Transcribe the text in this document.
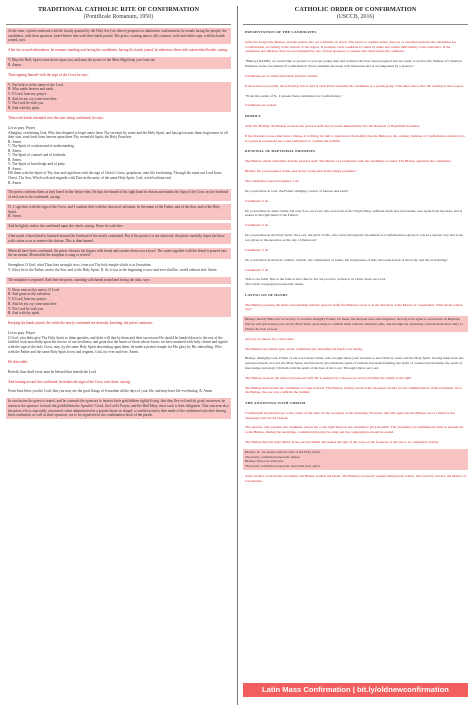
TRADITIONAL CATHOLIC RITE OF CONFIRMATION
(Pontificale Romanum, 1950)
At the time, a priest endowed with the faculty granted by the Holy See (see above) proposes to administer confirmation, he stands facing the people; the candidates, with their sponsors, kneel before him with their hands joined. The priest, wearing amice, alb, cincture, stole and white cope, with his hands joined, says:
After the second admonition, he remains standing and facing the candidates; having his hands joined, he addresses them with outstretched hands, saying:
V. May the Holy Spirit come down upon you, and may the power of the Most High keep you from sin.
R. Amen.
Then signing himself with the sign of the Cross he says:
V. Our help is in the name of the Lord.
R. Who made heaven and earth.
V. O Lord, hear my prayer.
R. And let my cry come unto thee.
V. The Lord be with you.
R. And with thy spirit.
Then with hands extended over the ones being confirmed, he says:
Let us pray. Prayer
Almighty, everlasting God, Who hast deigned to beget anew these Thy servants by water and the Holy Spirit, and hast given unto them forgiveness of all their sins, send forth from heaven upon them Thy sevenfold Spirit, the Holy Paraclete.
R. Amen.
V. The Spirit of wisdom and of understanding.
R. Amen.
V. The Spirit of counsel and of fortitude.
R. Amen.
V. The Spirit of knowledge and of piety.
R. Amen.
Fill them with the Spirit of Thy fear and sign them with the sign of Christ's Cross, propitious, unto life everlasting. Through the same our Lord Jesus Christ, Thy Son, Who liveth and reigneth with Thee in the unity of the same Holy Spirit, God, world without end.
R. Amen.
The priest confirms them as they kneel in line before him. He dips the thumb of his right hand in chrism and makes the Sign of the Cross on the forehead of each one to be confirmed, saying:
N., I sign thee with the sign of the Cross, and I confirm thee with the chrism of salvation. In the name of the Father, and of the Son, and of the Holy Spirit.
R. Amen.
And he lightly strikes the confirmed upon the cheek, saying: Peace be with thee.
Afterwards a linen band is fastened around the forehead of the newly confirmed. But if the practice is not observed, the priest carefully wipes the brow with cotton so as to remove the chrism. This is then burned.
When all have been confirmed, the priest cleanses his fingers with bread and washes them over a bowl. The water together with the bread is poured into the sacrarium. Meanwhile the antiphon is sung or recited:
Strengthen, O God, what Thou hast wrought in us, from out Thy holy temple which is in Jerusalem.
V. Glory be to the Father, and to the Son, and to the Holy Spirit. R. As it was in the beginning is now and ever shall be, world without end. Amen.
The antiphon is repeated. And then the priest, standing with hands joined and facing the altar, says:
V. Show unto us thy mercy, O Lord.
R. And grant us thy salvation.
V. O Lord, hear my prayer.
R. And let my cry come unto thee.
V. The Lord be with you.
R. And with thy spirit.
Keeping his hands joined, the while the newly confirmed are devoutly kneeling, the priest continues:
Let us pray. Prayer
O God, who didst give Thy Holy Spirit to thine apostles, and didst will that by them and their successors He should be handed down to the rest of the faithful, look mercifully upon the service of our lowliness; and grant that the hearts of those whose brows we have anointed with holy chrism and signed with the sign of the holy Cross, may, by the same Holy Spirit descending upon them, be made a perfect temple for His glory by His indwelling. Who with the Father and the same Holy Spirit livest and reignest, God, for ever and ever. Amen.
He then adds:
Behold, thus shall every man be blessed that feareth the Lord.
And turning toward the confirmed, he makes the sign of the Cross over them, saying:
From Sion bless you the Lord, that you may see the good things of Jerusalem all the days of your life, and may have life everlasting. R. Amen.
In conclusion the priest is seated, and he counsels the sponsors to instruct their godchildren rightly living, that they flee evil and do good; moreover, he instructs the sponsors to teach the godchildren the Apostles' Creed, the Lord's Prayer, and the Hail Mary, since such is their obligation. This concerns also the priest who is especially concerned, when administered in a private house or chapel; a careful record is then made of the confirmed who after having been confirmed, as well as their sponsors, are to be registered in the confirmation book of the parish.
CATHOLIC ORDER OF CONFIRMATION
(USCCB, 2016)
PRESENTATION OF THE CANDIDATES
After the Gospel the Bishop, and the priests who are with him, sit down. The pastor or another priest, deacon, or catechist presents the candidates for Confirmation, according to the custom of the region. If possible, each candidate is called by name and comes individually to the sanctuary. If the candidates are children, they are accompanied by one of their sponsors or parents and stand before the celebrant.
"Bishop [NAME], we would like to present to you our young men and women who have been prepared and are ready to receive the fullness of Christian Initiation in the Sacrament of Confirmation. Each candidate has been well instructed and is accompanied by a sponsor."
Candidates are to stand when their parish is named.
If more than one parish, the following text is said at each Pastor presents his candidates as a parish group. This takes place after the reading of the Gospel.
"From the parish of N., I present these candidates for Confirmation."
Candidates are seated.
HOMILY
After the Homily, the Bishop receives the pastoral staff and proceeds immediately into the Renewal of Baptismal Promises.
If the Presider is one other than a bishop, it is fitting for him to mention in the homily that the Bishop is the ordinary minister of Confirmation and that it is for pastoral reasons he has come with Priest to confirm the faithful.
RENEWAL OF BAPTISMAL PROMISES
The Bishop stands with mitre and the pastoral staff. The Master of Ceremonies asks the candidates to stand. The Bishop questions the candidates:
Bishop: Do you renounce Satan, and all his works and all his empty promises?
The candidates respond together: I do.
Do you believe in God, the Father almighty, creator of heaven and earth?
Candidates: I do.
Do you believe in Jesus Christ, his only Son, our Lord, who was born of the Virgin Mary, suffered death and was buried, rose again from the dead, and is seated at the right hand of the Father?
Candidates: I do.
Do you believe in the Holy Spirit, the Lord, the giver of life, who today through the Sacrament of Confirmation is given to you in a special way just as he was given to the Apostles on the day of Pentecost?
Candidates: I do.
Do you believe in the holy catholic Church, the communion of saints, the forgiveness of sins, the resurrection of the body, and life everlasting?
Candidates: I do.
This is our faith. This is the faith of the Church. We are proud to profess it in Christ Jesus our Lord.
The whole congregation responds: Amen.
LAYING ON OF HANDS
The Bishop (wearing the mitre and standing with the pastoral staff) the Bishop's stood to at the direction of the Master of Ceremonies. With hands joined, says:
Bishop: Dearly Beloved: let us pray to God the almighty Father, for these, his adopted sons and daughters, already born again to eternal life in Baptism, that he will graciously pour out the Holy Spirit upon them to confirm them with his abundant gifts, and through his anointing conform them more fully to Christ, the Son of God.
All pray in silence for a short time.
The Bishop lays hands upon all the candidates (by extending his hands over them).
Bishop: Almighty God, Father of our Lord Jesus Christ, who brought these your servants to new birth by water and the Holy Spirit, freeing them from sin: send upon them, O Lord, the Holy Spirit, the Paraclete; give them the spirit of wisdom and understanding, the spirit of counsel and fortitude, the spirit of knowledge and piety; fill them with the spirit of the fear of the Lord. Through Christ our Lord.
The Bishop receives the mitre and pastoral staff. He is assisted by a deacon (or server) holding the chrism at the right.
The Bishop then invites the candidates to come forward. The Bishop, having received the necessary faculty for the administration of the sacrament, he is the Bishop, the one who confirms the faithful.
THE ANOINTING WITH CHRISM
Confirmandi should then go to the center of the aisle for the reception of the anointing. However, this will approach the Bishop one at a time for the anointing with Sacred Chrism.
The sponsor, who presents the candidate, places his or her right hand on the candidate's [sic] shoulder. The candidate's (Confirmation) name is announced to the Bishop. During the anointing, a suitable hymn may be sung and the congregation should be seated.
The Bishop dips his right thumb in the sacred chrism and makes the sign of the cross on the forehead of the one to be confirmed, saying:
Bishop: N., be sealed with the Gift of the Holy Spirit.
The newly confirmed responds: Amen.
Bishop: Peace be with you.
The newly confirmed responds: And with your spirit.
After all have received the sacrament, the Bishop washes his hands. The Bishop is properly washed using bread, lemon, and towel by servers, the Master of Ceremonies.
Latin Mass Confirmation | bit.ly/oldnewconfirmation
